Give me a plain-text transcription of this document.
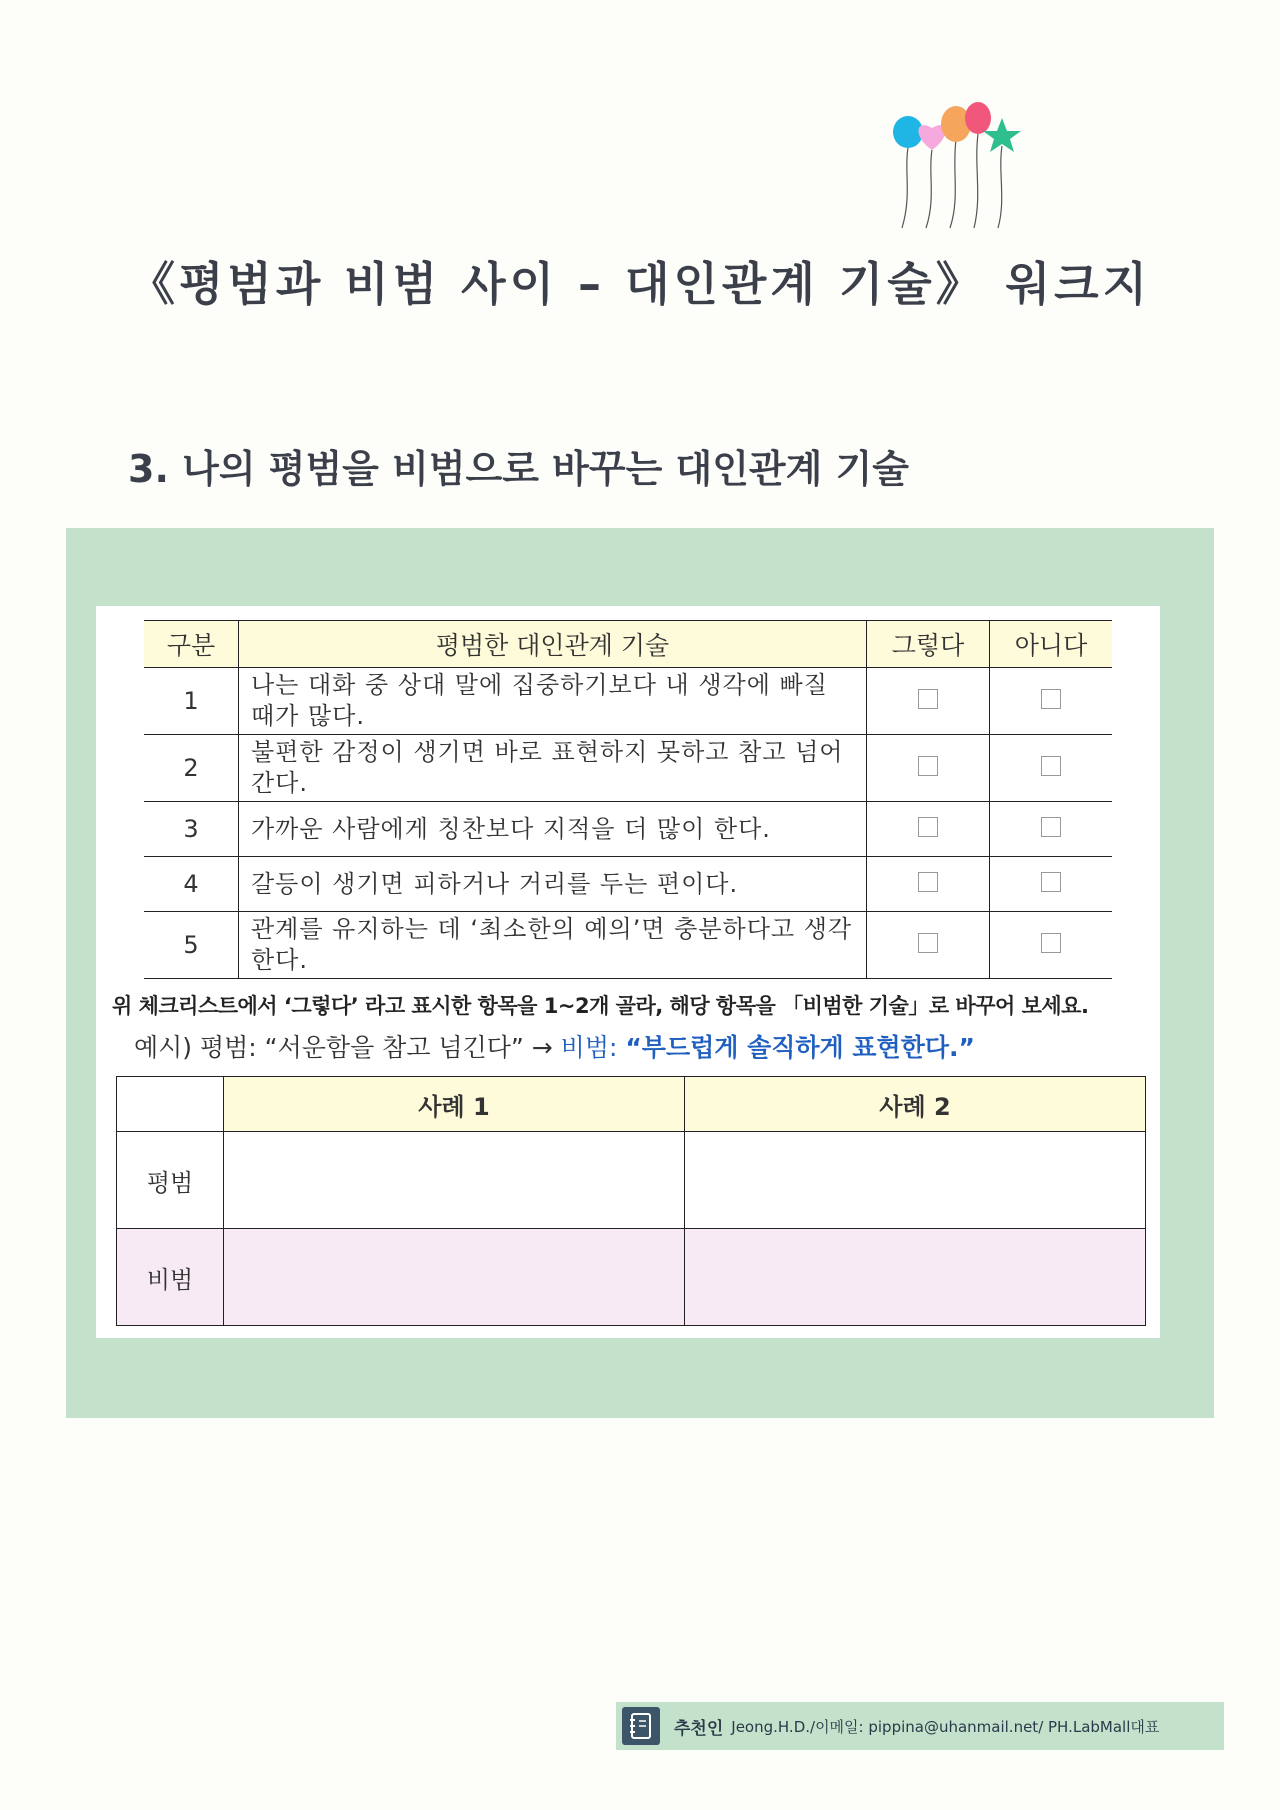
《평범과 비범 사이 – 대인관계 기술》 워크지
3. 나의 평범을 비범으로 바꾸는 대인관계 기술
구분	평범한 대인관계 기술	그렇다	아니다
1	나는 대화 중 상대 말에 집중하기보다 내 생각에 빠질 때가 많다.		
2	불편한 감정이 생기면 바로 표현하지 못하고 참고 넘어간다.		
3	가까운 사람에게 칭찬보다 지적을 더 많이 한다.		
4	갈등이 생기면 피하거나 거리를 두는 편이다.		
5	관계를 유지하는 데 ‘최소한의 예의’면 충분하다고 생각한다.		
위 체크리스트에서 ‘그렇다’ 라고 표시한 항목을 1~2개 골라, 해당 항목을 「비범한 기술」로 바꾸어 보세요.
예시) 평범: “서운함을 참고 넘긴다” → 비범: “부드럽게 솔직하게 표현한다.”
	사례 1	사례 2
평범		
비범		
추천인 Jeong.H.D./이메일: pippina@uhanmail.net/ PH.LabMall대표
